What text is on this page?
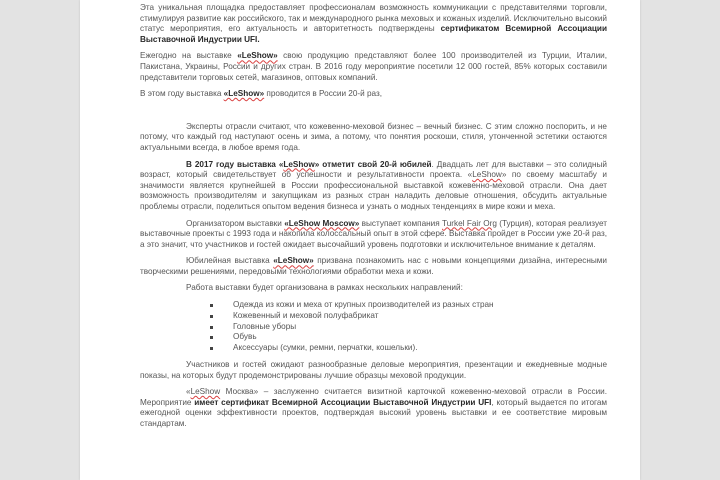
Эта уникальная площадка предоставляет профессионалам возможность коммуникации с представителями торговли, стимулируя развитие как российского, так и международного рынка меховых и кожаных изделий. Исключительно высокий статус мероприятия, его актуальность и авторитетность подтверждены сертификатом Всемирной Ассоциации Выставочной Индустрии UFI.

Ежегодно на выставке «LeShow» свою продукцию представляют более 100 производителей из Турции, Италии, Пакистана, Украины, России и других стран. В 2016 году мероприятие посетили 12 000 гостей, 85% которых составили представители торговых сетей, магазинов, оптовых компаний.

В этом году выставка «LeShow» проводится в России 20-й раз,

Эксперты отрасли считают, что кожевенно-меховой бизнес – вечный бизнес. С этим сложно поспорить, и не потому, что каждый год наступают осень и зима, а потому, что понятия роскоши, стиля, утонченной эстетики остаются актуальными всегда, в любое время года.

В 2017 году выставка «LeShow» отметит свой 20-й юбилей. Двадцать лет для выставки – это солидный возраст, который свидетельствует об успешности и результативности проекта. «LeShow» по своему масштабу и значимости является крупнейшей в России профессиональной выставкой кожевенно-меховой отрасли. Она дает возможность производителям и закупщикам из разных стран наладить деловые отношения, обсудить актуальные проблемы отрасли, поделиться опытом ведения бизнеса и узнать о модных тенденциях в мире кожи и меха.

Организатором выставки «LeShow Moscow» выступает компания Turkel Fair Org (Турция), которая реализует выставочные проекты с 1993 года и накопила колоссальный опыт в этой сфере. Выставка пройдет в России уже 20-й раз, а это значит, что участников и гостей ожидает высочайший уровень подготовки и исключительное внимание к деталям.

Юбилейная выставка «LeShow» призвана познакомить нас с новыми концепциями дизайна, интересными творческими решениями, передовыми технологиями обработки меха и кожи.

Работа выставки будет организована в рамках нескольких направлений:

Одежда из кожи и меха от крупных производителей из разных стран
Кожевенный и меховой полуфабрикат
Головные уборы
Обувь
Аксессуары (сумки, ремни, перчатки, кошельки).

Участников и гостей ожидают разнообразные деловые мероприятия, презентации и ежедневные модные показы, на которых будут продемонстрированы лучшие образцы меховой продукции.

«LeShow Москва» – заслуженно считается визитной карточкой кожевенно-меховой отрасли в России. Мероприятие имеет сертификат Всемирной Ассоциации Выставочной Индустрии UFI, который выдается по итогам ежегодной оценки эффективности проектов, подтверждая высокий уровень выставки и ее соответствие мировым стандартам.
